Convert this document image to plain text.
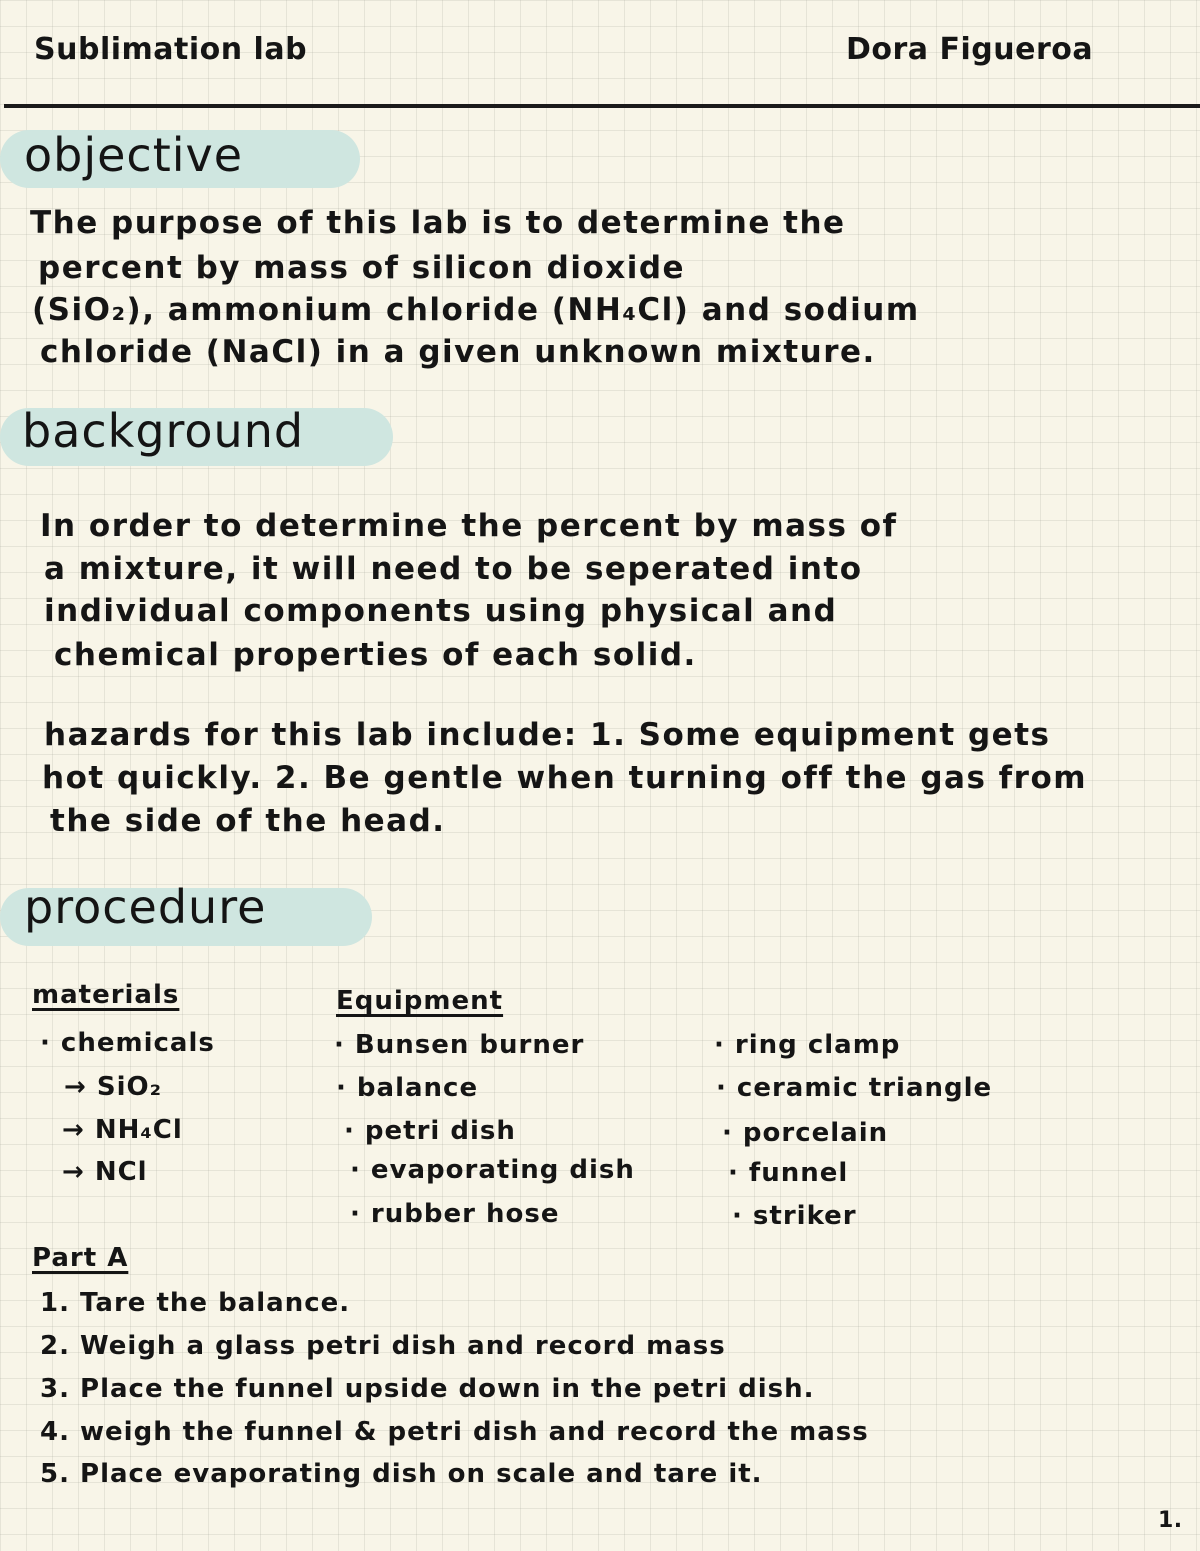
Sublimation lab	Dora Figueroa
objective
The purpose of this lab is to determine the
percent by mass of silicon dioxide
(SiO₂), ammonium chloride (NH₄Cl) and sodium
chloride (NaCl) in a given unknown mixture.
background
In order to determine the percent by mass of
a mixture, it will need to be seperated into
individual components using physical and
chemical properties of each solid.
hazards for this lab include: 1. Some equipment gets
hot quickly. 2. Be gentle when turning off the gas from
the side of the head.
procedure
materials
· chemicals
→ SiO₂
→ NH₄Cl
→ NCl
Equipment
· Bunsen burner
· balance
· petri dish
· evaporating dish
· rubber hose
· ring clamp
· ceramic triangle
· porcelain
· funnel
· striker
Part A
1. Tare the balance.
2. Weigh a glass petri dish and record mass
3. Place the funnel upside down in the petri dish.
4. weigh the funnel & petri dish and record the mass
5. Place evaporating dish on scale and tare it.
1.
